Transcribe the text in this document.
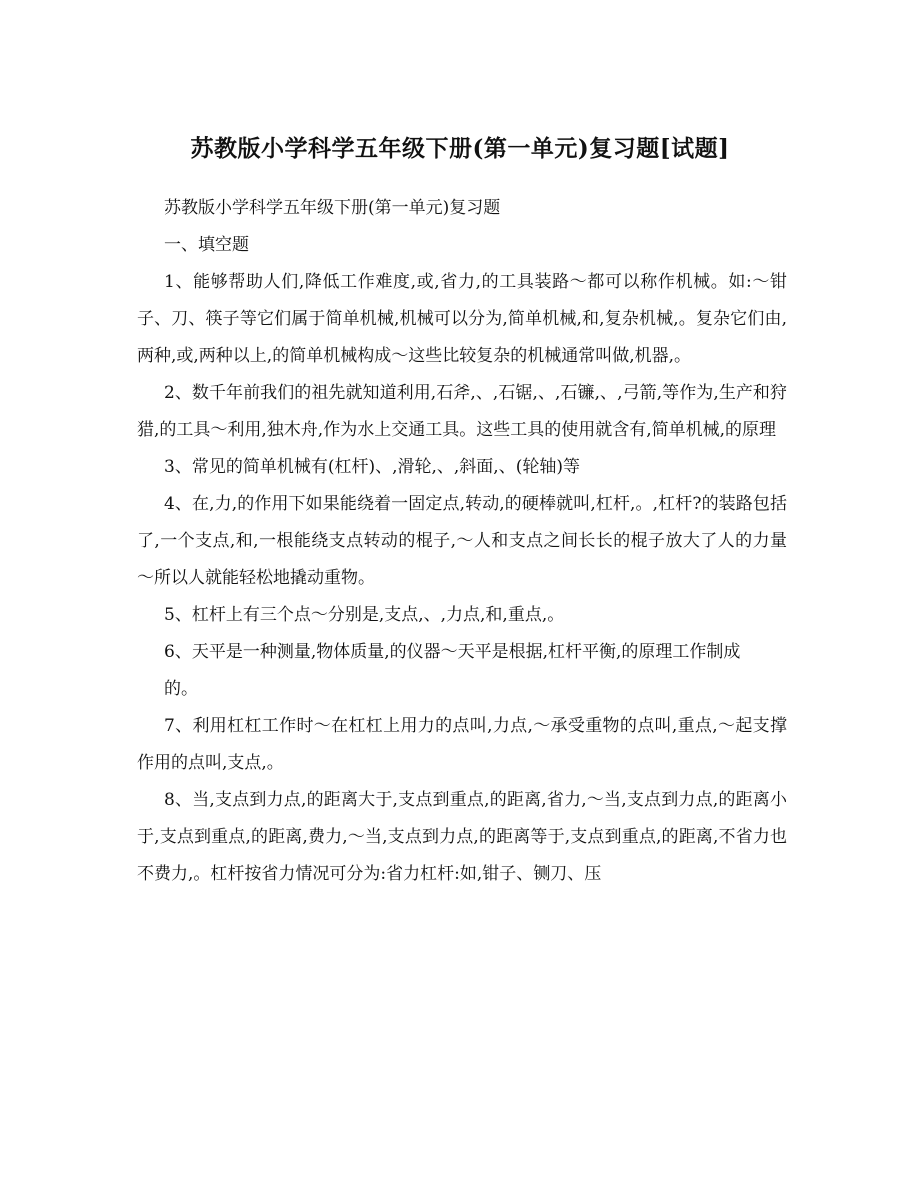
苏教版小学科学五年级下册(第一单元)复习题[试题]

苏教版小学科学五年级下册(第一单元)复习题

一、填空题

1、能够帮助人们,降低工作难度,或,省力,的工具装路～都可以称作机械。如:～钳子、刀、筷子等它们属于简单机械,机械可以分为,简单机械,和,复杂机械,。复杂它们由,两种,或,两种以上,的简单机械构成～这些比较复杂的机械通常叫做,机器,。

2、数千年前我们的祖先就知道利用,石斧,、,石锯,、,石镰,、,弓箭,等作为,生产和狩猎,的工具～利用,独木舟,作为水上交通工具。这些工具的使用就含有,简单机械,的原理

3、常见的简单机械有(杠杆)、,滑轮,、,斜面,、(轮轴)等

4、在,力,的作用下如果能绕着一固定点,转动,的硬棒就叫,杠杆,。,杠杆?的装路包括了,一个支点,和,一根能绕支点转动的棍子,～人和支点之间长长的棍子放大了人的力量～所以人就能轻松地撬动重物。

5、杠杆上有三个点～分别是,支点,、,力点,和,重点,。

6、天平是一种测量,物体质量,的仪器～天平是根据,杠杆平衡,的原理工作制成

的。

7、利用杠杠工作时～在杠杠上用力的点叫,力点,～承受重物的点叫,重点,～起支撑作用的点叫,支点,。

8、当,支点到力点,的距离大于,支点到重点,的距离,省力,～当,支点到力点,的距离小于,支点到重点,的距离,费力,～当,支点到力点,的距离等于,支点到重点,的距离,不省力也不费力,。杠杆按省力情况可分为:省力杠杆:如,钳子、铡刀、压
